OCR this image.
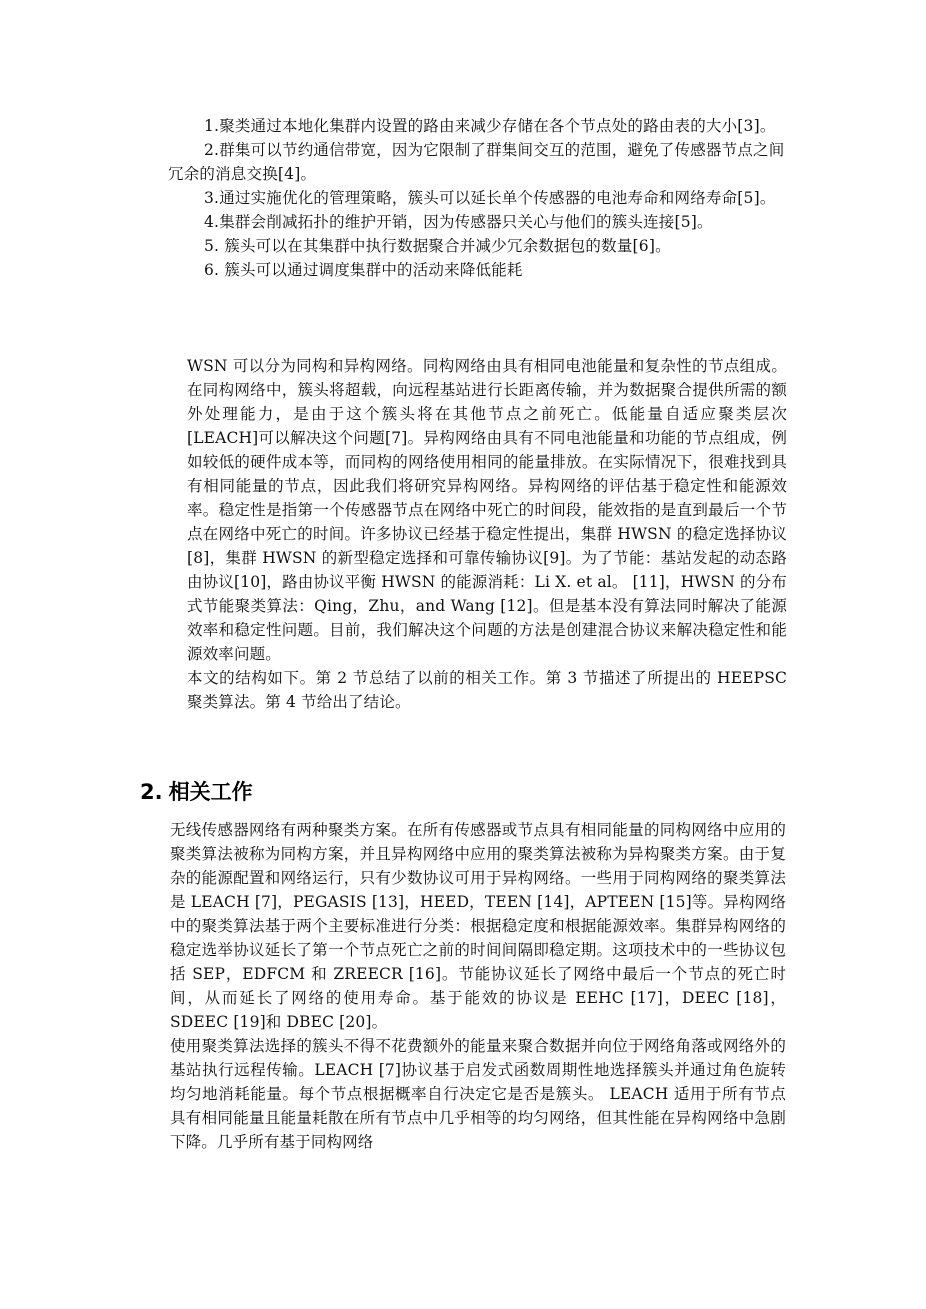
1.聚类通过本地化集群内设置的路由来减少存储在各个节点处的路由表的大小[3]。

2.群集可以节约通信带宽，因为它限制了群集间交互的范围，避免了传感器节点之间冗余的消息交换[4]。

3.通过实施优化的管理策略，簇头可以延长单个传感器的电池寿命和网络寿命[5]。

4.集群会削减拓扑的维护开销，因为传感器只关心与他们的簇头连接[5]。

5. 簇头可以在其集群中执行数据聚合并减少冗余数据包的数量[6]。

6. 簇头可以通过调度集群中的活动来降低能耗

WSN 可以分为同构和异构网络。同构网络由具有相同电池能量和复杂性的节点组成。在同构网络中，簇头将超载，向远程基站进行长距离传输，并为数据聚合提供所需的额外处理能力，是由于这个簇头将在其他节点之前死亡。低能量自适应聚类层次[LEACH]可以解决这个问题[7]。异构网络由具有不同电池能量和功能的节点组成，例如较低的硬件成本等，而同构的网络使用相同的能量排放。在实际情况下，很难找到具有相同能量的节点，因此我们将研究异构网络。异构网络的评估基于稳定性和能源效率。稳定性是指第一个传感器节点在网络中死亡的时间段，能效指的是直到最后一个节点在网络中死亡的时间。许多协议已经基于稳定性提出，集群 HWSN 的稳定选择协议[8]，集群 HWSN 的新型稳定选择和可靠传输协议[9]。为了节能：基站发起的动态路由协议[10]，路由协议平衡 HWSN 的能源消耗：Li X. et al。 [11]，HWSN 的分布式节能聚类算法：Qing，Zhu，and Wang [12]。但是基本没有算法同时解决了能源效率和稳定性问题。目前，我们解决这个问题的方法是创建混合协议来解决稳定性和能源效率问题。

本文的结构如下。第 2 节总结了以前的相关工作。第 3 节描述了所提出的 HEEPSC 聚类算法。第 4 节给出了结论。

2. 相关工作

无线传感器网络有两种聚类方案。在所有传感器或节点具有相同能量的同构网络中应用的聚类算法被称为同构方案，并且异构网络中应用的聚类算法被称为异构聚类方案。由于复杂的能源配置和网络运行，只有少数协议可用于异构网络。一些用于同构网络的聚类算法是 LEACH [7]，PEGASIS [13]，HEED，TEEN [14]，APTEEN [15]等。异构网络中的聚类算法基于两个主要标准进行分类：根据稳定度和根据能源效率。集群异构网络的稳定选举协议延长了第一个节点死亡之前的时间间隔即稳定期。这项技术中的一些协议包括 SEP，EDFCM 和 ZREECR [16]。节能协议延长了网络中最后一个节点的死亡时间，从而延长了网络的使用寿命。基于能效的协议是 EEHC [17]，DEEC [18]，SDEEC [19]和 DBEC [20]。

使用聚类算法选择的簇头不得不花费额外的能量来聚合数据并向位于网络角落或网络外的基站执行远程传输。LEACH [7]协议基于启发式函数周期性地选择簇头并通过角色旋转均匀地消耗能量。每个节点根据概率自行决定它是否是簇头。 LEACH 适用于所有节点具有相同能量且能量耗散在所有节点中几乎相等的均匀网络，但其性能在异构网络中急剧下降。几乎所有基于同构网络
